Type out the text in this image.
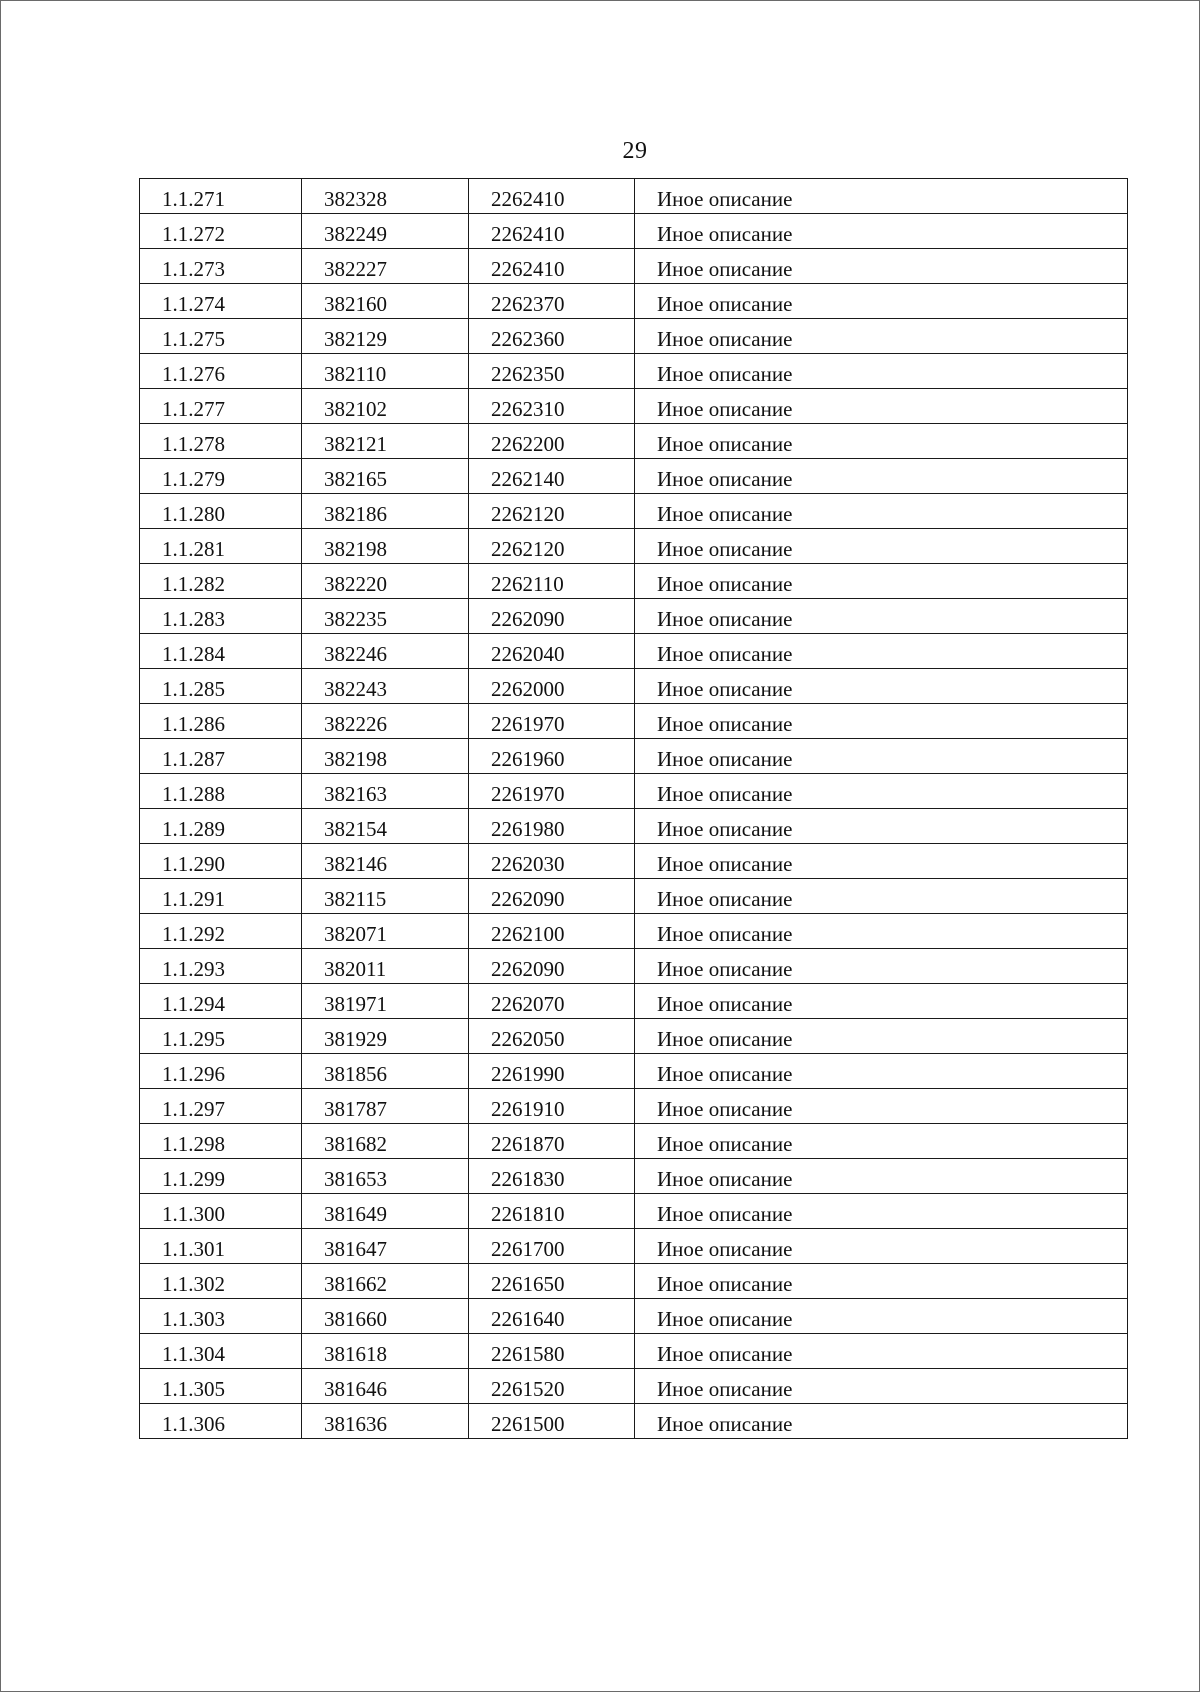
29
1.1.271	382328	2262410	Иное описание
1.1.272	382249	2262410	Иное описание
1.1.273	382227	2262410	Иное описание
1.1.274	382160	2262370	Иное описание
1.1.275	382129	2262360	Иное описание
1.1.276	382110	2262350	Иное описание
1.1.277	382102	2262310	Иное описание
1.1.278	382121	2262200	Иное описание
1.1.279	382165	2262140	Иное описание
1.1.280	382186	2262120	Иное описание
1.1.281	382198	2262120	Иное описание
1.1.282	382220	2262110	Иное описание
1.1.283	382235	2262090	Иное описание
1.1.284	382246	2262040	Иное описание
1.1.285	382243	2262000	Иное описание
1.1.286	382226	2261970	Иное описание
1.1.287	382198	2261960	Иное описание
1.1.288	382163	2261970	Иное описание
1.1.289	382154	2261980	Иное описание
1.1.290	382146	2262030	Иное описание
1.1.291	382115	2262090	Иное описание
1.1.292	382071	2262100	Иное описание
1.1.293	382011	2262090	Иное описание
1.1.294	381971	2262070	Иное описание
1.1.295	381929	2262050	Иное описание
1.1.296	381856	2261990	Иное описание
1.1.297	381787	2261910	Иное описание
1.1.298	381682	2261870	Иное описание
1.1.299	381653	2261830	Иное описание
1.1.300	381649	2261810	Иное описание
1.1.301	381647	2261700	Иное описание
1.1.302	381662	2261650	Иное описание
1.1.303	381660	2261640	Иное описание
1.1.304	381618	2261580	Иное описание
1.1.305	381646	2261520	Иное описание
1.1.306	381636	2261500	Иное описание
